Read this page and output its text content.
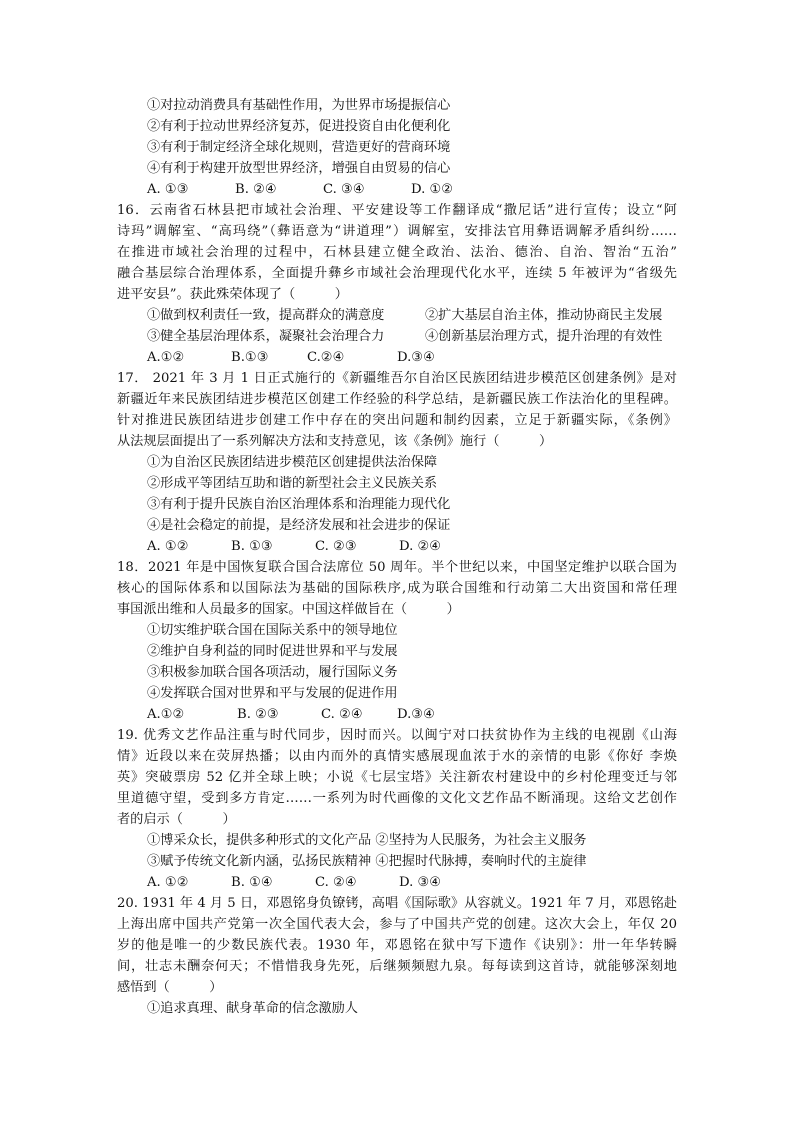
①对拉动消费具有基础性作用，为世界市场提振信心
②有利于拉动世界经济复苏，促进投资自由化便利化
③有利于制定经济全球化规则，营造更好的营商环境
④有利于构建开放型世界经济，增强自由贸易的信心
A. ①③	B. ②④	C. ③④	D. ①②
16．云南省石林县把市域社会治理、平安建设等工作翻译成“撒尼话”进行宣传；设立“阿
诗玛”调解室、“高玛绕”（彝语意为“讲道理”）调解室，安排法官用彝语调解矛盾纠纷……
在推进市域社会治理的过程中，石林县建立健全政治、法治、德治、自治、智治“五治”
融合基层综合治理体系，全面提升彝乡市域社会治理现代化水平，连续 5 年被评为“省级先
进平安县”。获此殊荣体现了（　　　）
①做到权利责任一致，提高群众的满意度	②扩大基层自治主体，推动协商民主发展
③健全基层治理体系，凝聚社会治理合力	④创新基层治理方式，提升治理的有效性
A.①②	B.①③	C.②④	D.③④
17． 2021 年 3 月 1 日正式施行的《新疆维吾尔自治区民族团结进步模范区创建条例》是对
新疆近年来民族团结进步模范区创建工作经验的科学总结，是新疆民族工作法治化的里程碑。
针对推进民族团结进步创建工作中存在的突出问题和制约因素，立足于新疆实际，《条例》
从法规层面提出了一系列解决方法和支持意见，该《条例》施行（　　　）
①为自治区民族团结进步模范区创建提供法治保障
②形成平等团结互助和谐的新型社会主义民族关系
③有利于提升民族自治区治理体系和治理能力现代化
④是社会稳定的前提，是经济发展和社会进步的保证
A. ①②	B. ①③	C. ②③	D. ②④
18．2021 年是中国恢复联合国合法席位 50 周年。半个世纪以来，中国坚定维护以联合国为
核心的国际体系和以国际法为基础的国际秩序,成为联合国维和行动第二大出资国和常任理
事国派出维和人员最多的国家。中国这样做旨在（　　　）
①切实维护联合国在国际关系中的领导地位
②维护自身利益的同时促进世界和平与发展
③积极参加联合国各项活动，履行国际义务
④发挥联合国对世界和平与发展的促进作用
A.①②	B. ②③	C. ②④	D.③④
19. 优秀文艺作品注重与时代同步，因时而兴。以闽宁对口扶贫协作为主线的电视剧《山海
情》近段以来在荧屏热播；以由内而外的真情实感展现血浓于水的亲情的电影《你好 李焕
英》突破票房 52 亿并全球上映；小说《七层宝塔》关注新农村建设中的乡村伦理变迁与邻
里道德守望，受到多方肯定……一系列为时代画像的文化文艺作品不断涌现。这给文艺创作
者的启示（　　　）
①博采众长，提供多种形式的文化产品 ②坚持为人民服务，为社会主义服务
③赋予传统文化新内涵，弘扬民族精神 ④把握时代脉搏，奏响时代的主旋律
A. ①②	B. ①④	C. ②④	D. ③④
20. 1931 年 4 月 5 日，邓恩铭身负镣铐，高唱《国际歌》从容就义。1921 年 7 月，邓恩铭赴
上海出席中国共产党第一次全国代表大会，参与了中国共产党的创建。这次大会上，年仅 20
岁的他是唯一的少数民族代表。1930 年，邓恩铭在狱中写下遗作《诀别》：卅一年华转瞬
间，壮志未酬奈何天；不惜惜我身先死，后继频频慰九泉。每每读到这首诗，就能够深刻地
感悟到（　　　）
①追求真理、献身革命的信念激励人
